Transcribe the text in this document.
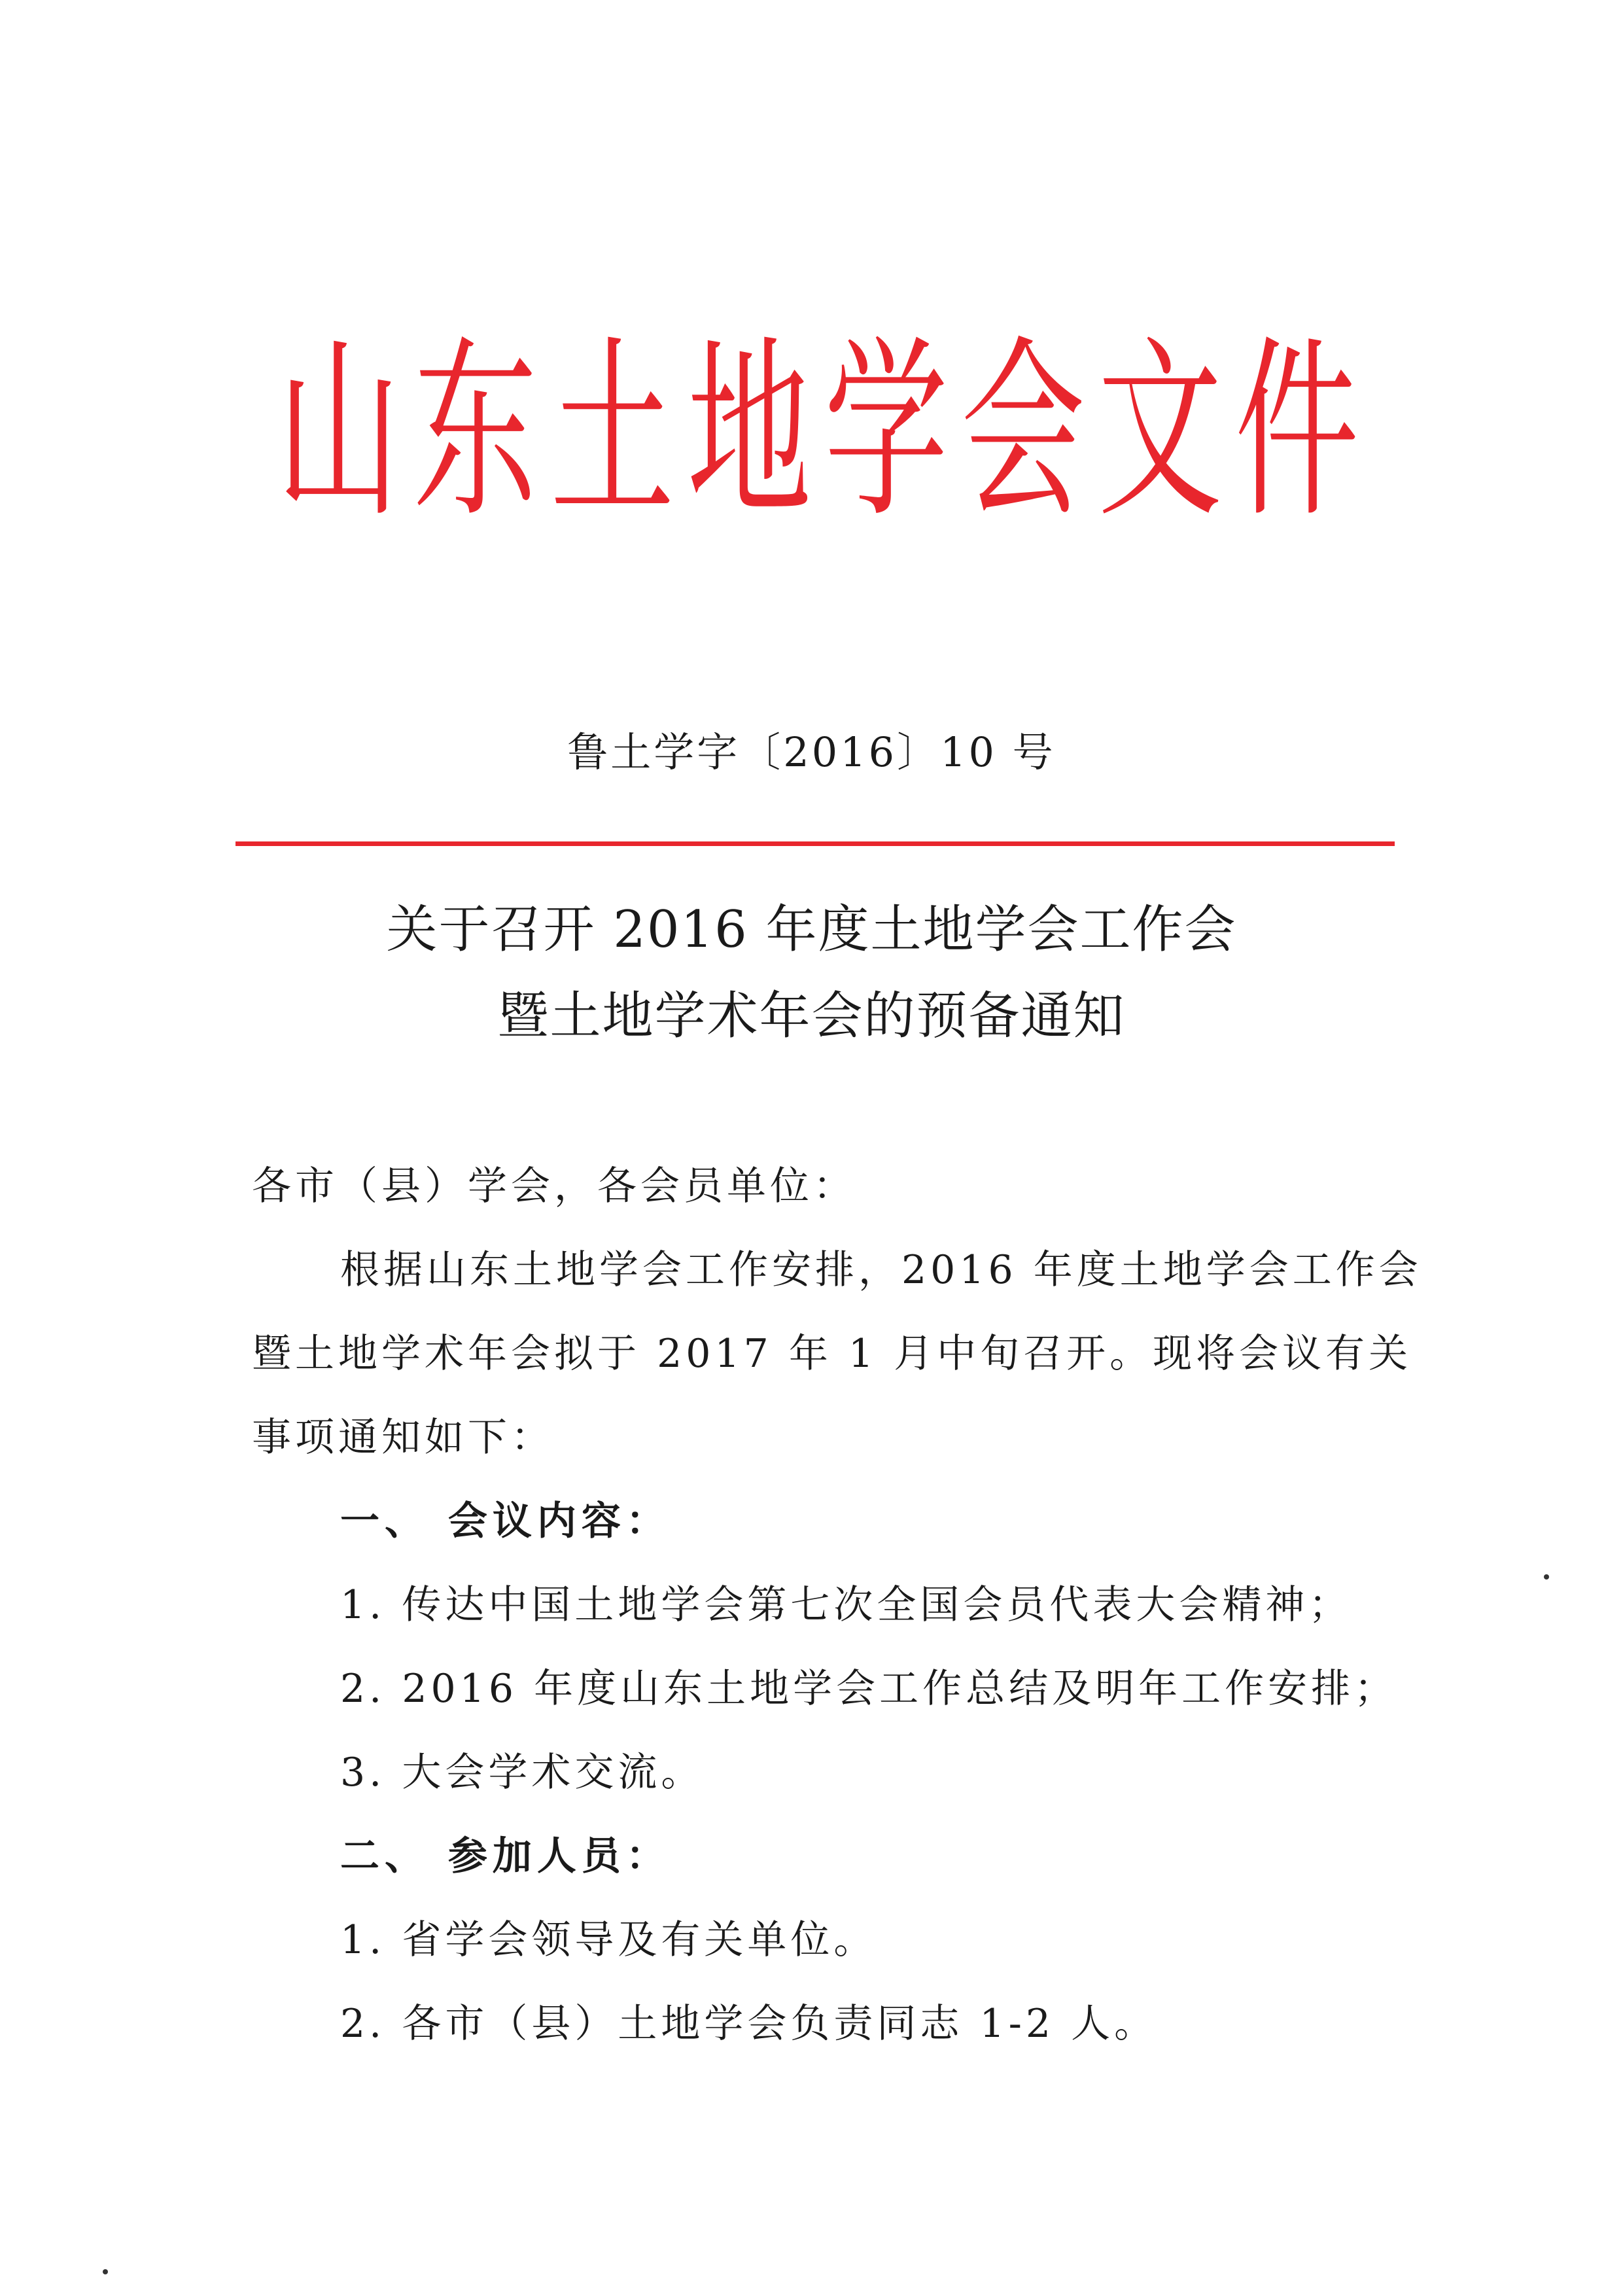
山 东 土 地 学 会 文 件
鲁土学字〔2016〕10 号
关于召开 2016 年度土地学会工作会
暨土地学术年会的预备通知
各市（县）学会，各会员单位：
根据山东土地学会工作安排，2016 年度土地学会工作会
暨土地学术年会拟于 2017 年 1 月中旬召开。现将会议有关
事项通知如下：
一、 会议内容：
1. 传达中国土地学会第七次全国会员代表大会精神；
2. 2016 年度山东土地学会工作总结及明年工作安排；
3. 大会学术交流。
二、 参加人员：
1. 省学会领导及有关单位。
2. 各市（县）土地学会负责同志 1-2 人。
